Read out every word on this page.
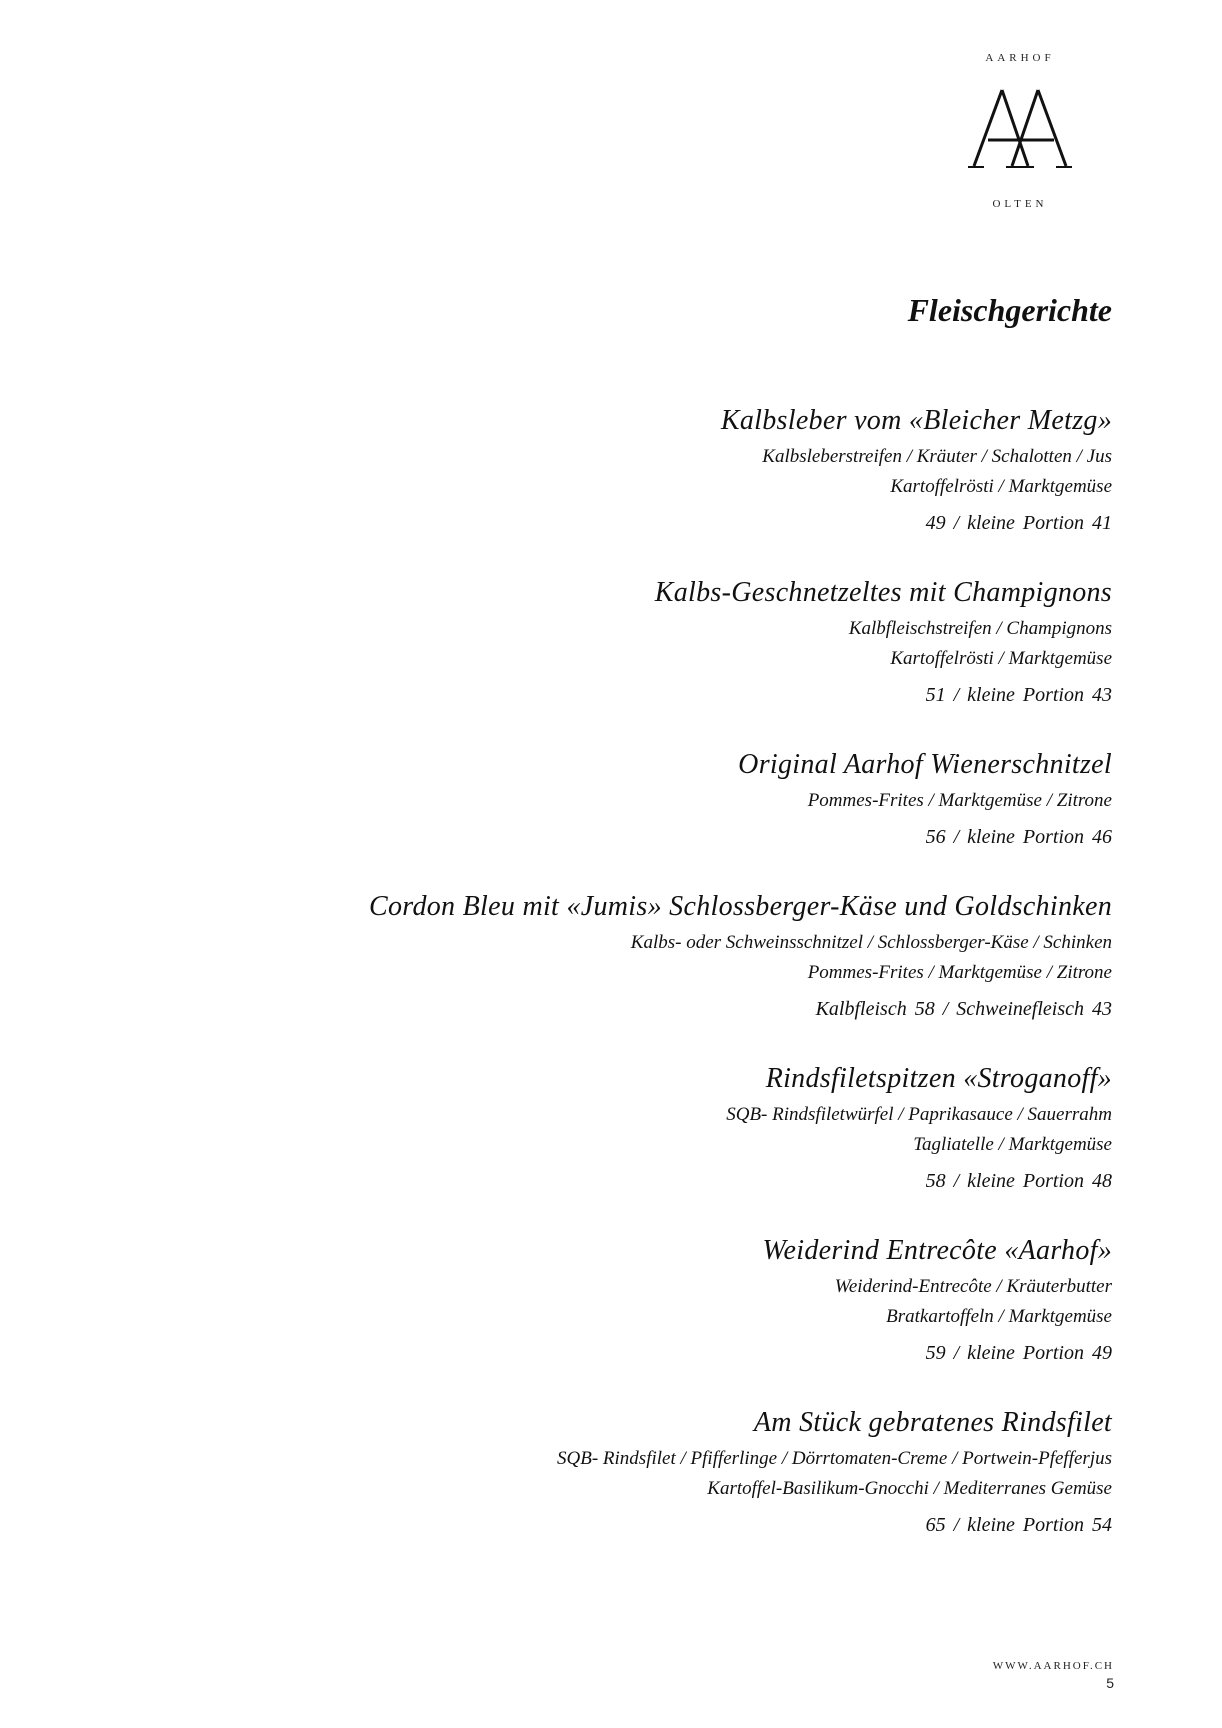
AARHOF
OLTEN
Fleischgerichte

Kalbsleber vom «Bleicher Metzg»

Kalbsleberstreifen / Kräuter / Schalotten / Jus

Kartoffelrösti / Marktgemüse

49 / kleine Portion 41

Kalbs-Geschnetzeltes mit Champignons

Kalbfleischstreifen / Champignons

Kartoffelrösti / Marktgemüse

51 / kleine Portion 43

Original Aarhof Wienerschnitzel

Pommes-Frites / Marktgemüse / Zitrone

56 / kleine Portion 46

Cordon Bleu mit «Jumis» Schlossberger-Käse und Goldschinken

Kalbs- oder Schweinsschnitzel / Schlossberger-Käse / Schinken

Pommes-Frites / Marktgemüse / Zitrone

Kalbfleisch 58 / Schweinefleisch 43

Rindsfiletspitzen «Stroganoff»

SQB- Rindsfiletwürfel / Paprikasauce / Sauerrahm

Tagliatelle / Marktgemüse

58 / kleine Portion 48

Weiderind Entrecôte «Aarhof»

Weiderind-Entrecôte / Kräuterbutter

Bratkartoffeln / Marktgemüse

59 / kleine Portion 49

Am Stück gebratenes Rindsfilet

SQB- Rindsfilet / Pfifferlinge / Dörrtomaten-Creme / Portwein-Pfefferjus

Kartoffel-Basilikum-Gnocchi / Mediterranes Gemüse

65 / kleine Portion 54

WWW.AARHOF.CH
5
